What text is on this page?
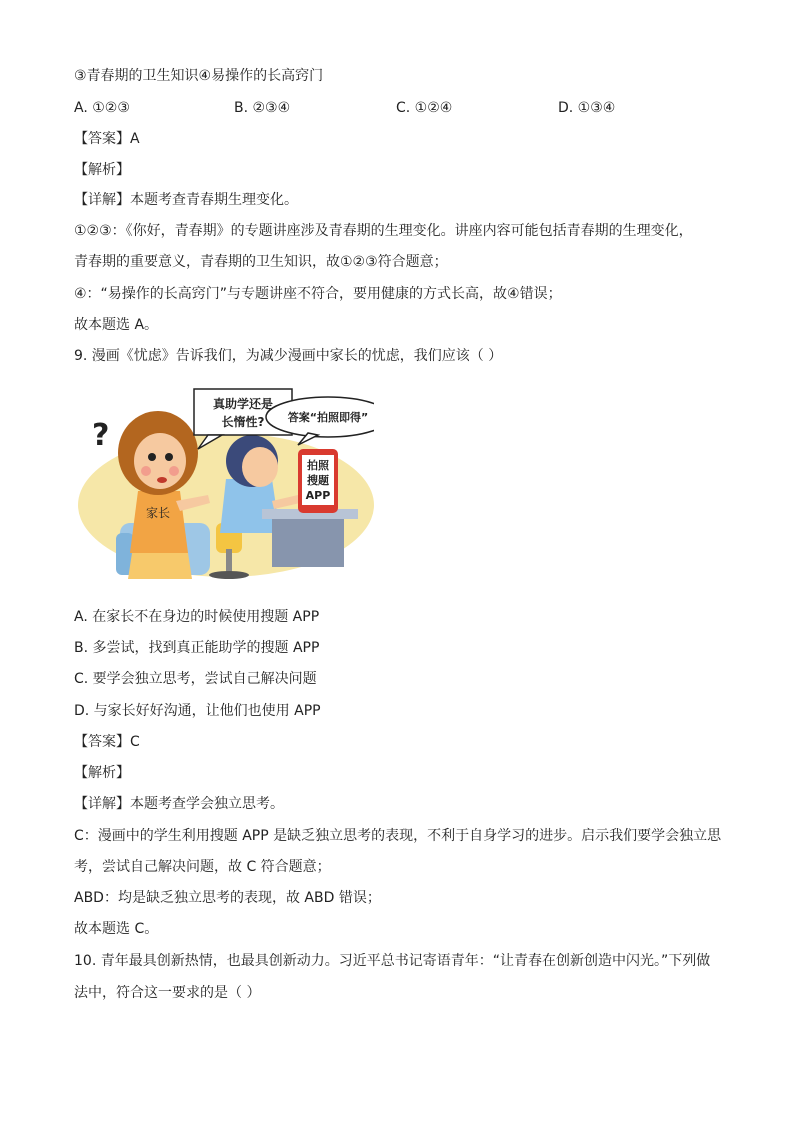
③青春期的卫生知识④易操作的长高窍门
A. ①②③	B. ②③④	C. ①②④	D. ①③④
【答案】A
【解析】
【详解】本题考查青春期生理变化。
①②③：《你好，青春期》的专题讲座涉及青春期的生理变化。讲座内容可能包括青春期的生理变化，
青春期的重要意义，青春期的卫生知识，故①②③符合题意；
④：“易操作的长高窍门”与专题讲座不符合，要用健康的方式长高，故④错误；
故本题选 A。
9. 漫画《忧虑》告诉我们，为减少漫画中家长的忧虑，我们应该（ ）
家长
?
拍照
搜题
APP
真助学还是
长惰性? 答案“拍照即得”
A. 在家长不在身边的时候使用搜题 APP
B. 多尝试，找到真正能助学的搜题 APP
C. 要学会独立思考，尝试自己解决问题
D. 与家长好好沟通，让他们也使用 APP
【答案】C
【解析】
【详解】本题考查学会独立思考。
C：漫画中的学生利用搜题 APP 是缺乏独立思考的表现，不利于自身学习的进步。启示我们要学会独立思
考，尝试自己解决问题，故 C 符合题意；
ABD：均是缺乏独立思考的表现，故 ABD 错误；
故本题选 C。
10. 青年最具创新热情，也最具创新动力。习近平总书记寄语青年：“让青春在创新创造中闪光。”下列做
法中，符合这一要求的是（ ）
